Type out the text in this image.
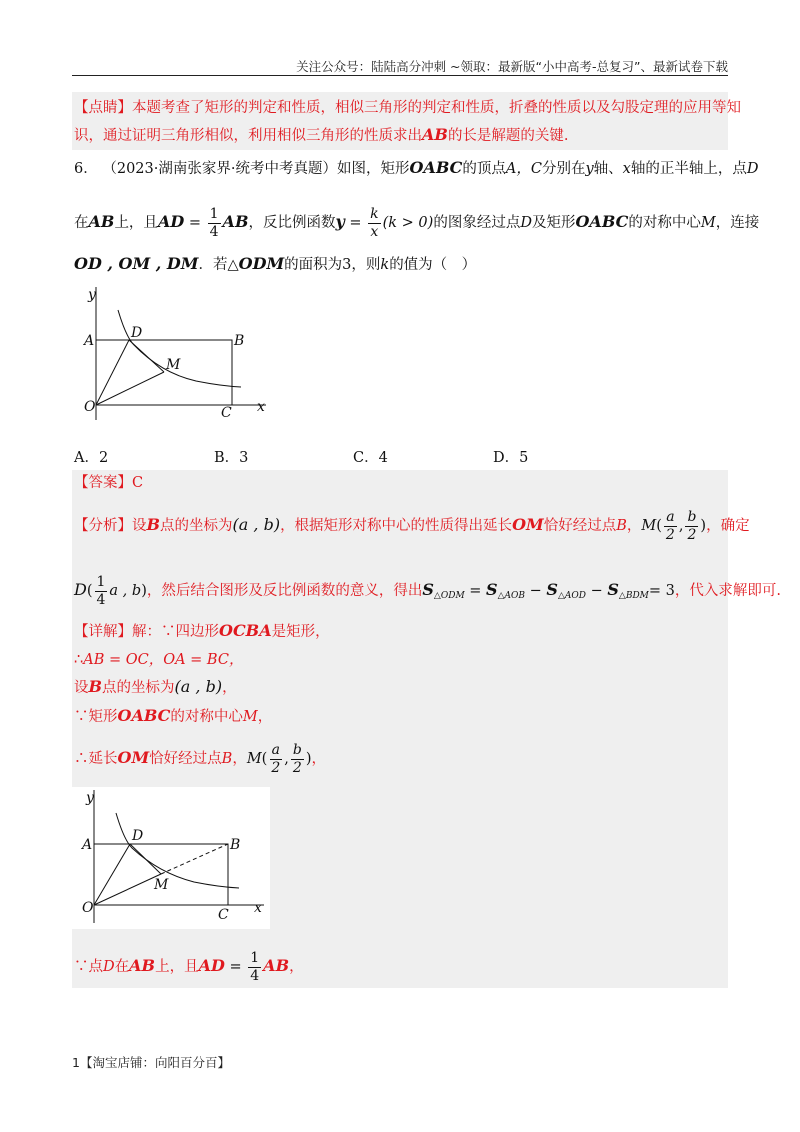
关注公众号：陆陆高分冲刺 ~领取：最新版“小中高考-总复习”、最新试卷下载
【点睛】本题考查了矩形的判定和性质，相似三角形的判定和性质，折叠的性质以及勾股定理的应用等知
识，通过证明三角形相似，利用相似三角形的性质求出AB的长是解题的关键.
6． （2023·湖南张家界·统考中考真题）如图，矩形OABC的顶点A，C分别在y轴、x轴的正半轴上，点D
在AB上，且AD = $\frac{1}{4}$ AB，反比例函数$y = \frac{k}{x} (k > 0)$的图象经过点D及矩形OABC的对称中心M，连接
OD , OM , DM．若△ODM的面积为3，则k的值为（　）
y
A	D	B
M
O	C x
A．2	B．3	C．4	D．5
【答案】C
【分析】设B点的坐标为(a , b)，根据矩形对称中心的性质得出延长OM恰好经过点B，$M( \frac{a}{2}$ , $\frac{b}{2}$ )，确定
$D( \frac{1}{4}$ a , b)，然后结合图形及反比例函数的意义，得出$S_{\triangle ODM} = S_{\triangle AOB} - S_{\triangle AOD} - S_{\triangle BDM}= 3$，代入求解即可.
【详解】解：∵四边形OCBA是矩形，
∴AB = OC，OA = BC，
设B点的坐标为(a , b)，
∵矩形OABC的对称中心M，
∴延长OM恰好经过点B，$M( \frac{a}{2}$ , $\frac{b}{2}$ )，
y
A
D
B
M
O	C x
∵点D在AB上，且AD = $\frac{1}{4}$ AB，
1【淘宝店铺：向阳百分百】
